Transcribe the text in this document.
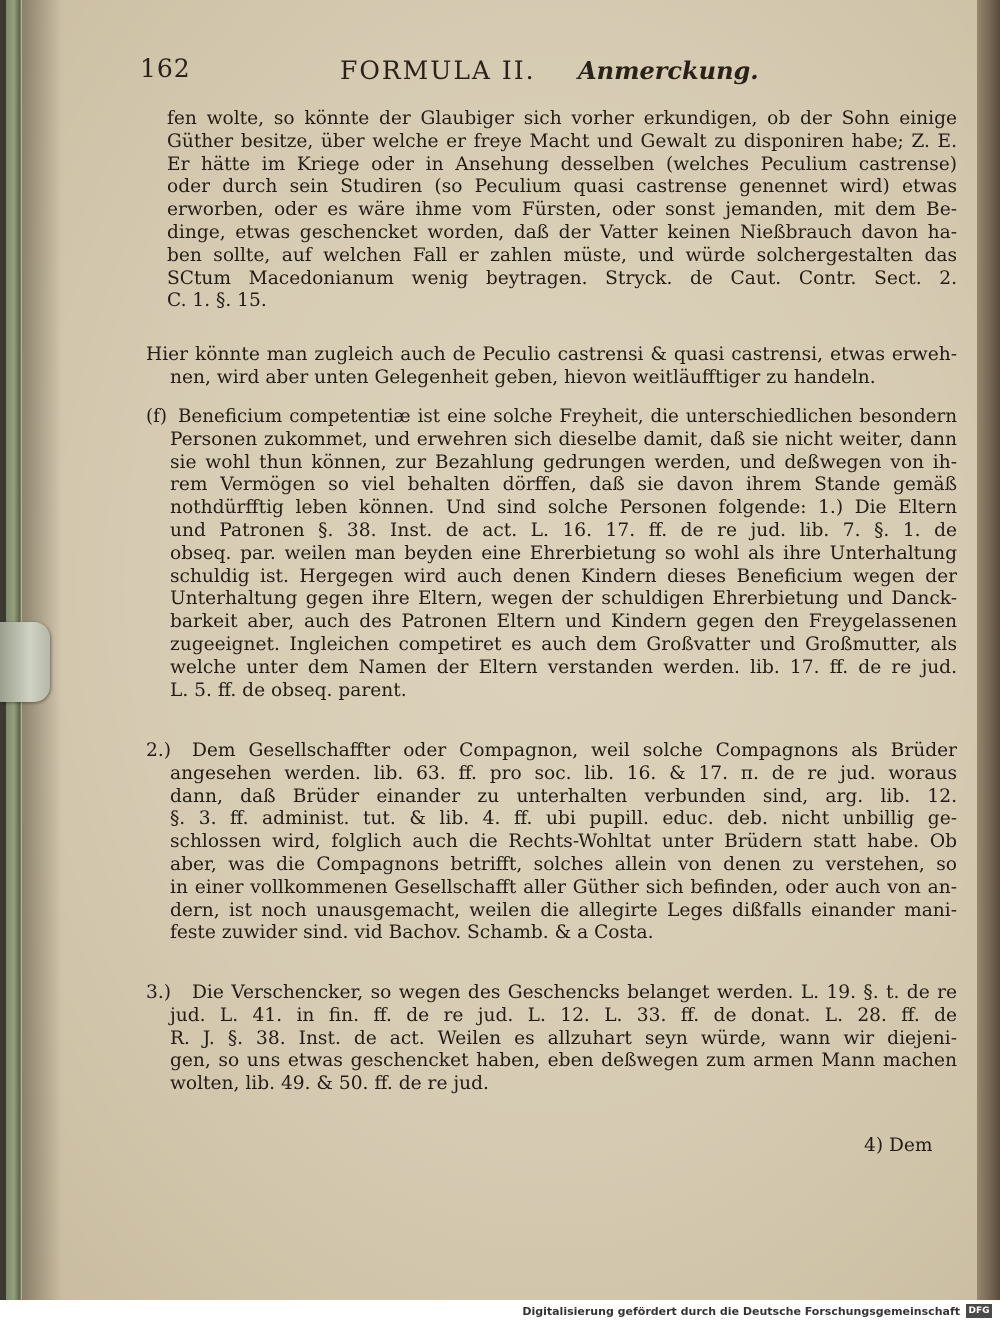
162	FORMULA II. Anmerckung.
fen wolte, so könnte der Glaubiger sich vorher erkundigen, ob der Sohn einige
Güther besitze, über welche er freye Macht und Gewalt zu disponiren habe; Z. E.
Er hätte im Kriege oder in Ansehung desselben (welches Peculium castrense)
oder durch sein Studiren (so Peculium quasi castrense genennet wird) etwas
erworben, oder es wäre ihme vom Fürsten, oder sonst jemanden, mit dem Be-
dinge, etwas geschencket worden, daß der Vatter keinen Nießbrauch davon ha-
ben sollte, auf welchen Fall er zahlen müste, und würde solchergestalten das
SCtum Macedonianum wenig beytragen. Stryck. de Caut. Contr. Sect. 2.
C. 1. §. 15.
Hier könnte man zugleich auch de Peculio castrensi & quasi castrensi, etwas erweh-
nen, wird aber unten Gelegenheit geben, hievon weitläufftiger zu handeln.
(f) Beneficium competentiæ ist eine solche Freyheit, die unterschiedlichen besondern
Personen zukommet, und erwehren sich dieselbe damit, daß sie nicht weiter, dann
sie wohl thun können, zur Bezahlung gedrungen werden, und deßwegen von ih-
rem Vermögen so viel behalten dörffen, daß sie davon ihrem Stande gemäß
nothdürfftig leben können. Und sind solche Personen folgende: 1.) Die Eltern
und Patronen §. 38. Inst. de act. L. 16. 17. ff. de re jud. lib. 7. §. 1. de
obseq. par. weilen man beyden eine Ehrerbietung so wohl als ihre Unterhaltung
schuldig ist. Hergegen wird auch denen Kindern dieses Beneficium wegen der
Unterhaltung gegen ihre Eltern, wegen der schuldigen Ehrerbietung und Danck-
barkeit aber, auch des Patronen Eltern und Kindern gegen den Freygelassenen
zugeeignet. Ingleichen competiret es auch dem Großvatter und Großmutter, als
welche unter dem Namen der Eltern verstanden werden. lib. 17. ff. de re jud.
L. 5. ff. de obseq. parent.
2.) Dem Gesellschaffter oder Compagnon, weil solche Compagnons als Brüder
angesehen werden. lib. 63. ff. pro soc. lib. 16. & 17. π. de re jud. woraus
dann, daß Brüder einander zu unterhalten verbunden sind, arg. lib. 12.
§. 3. ff. administ. tut. & lib. 4. ff. ubi pupill. educ. deb. nicht unbillig ge-
schlossen wird, folglich auch die Rechts-Wohltat unter Brüdern statt habe. Ob
aber, was die Compagnons betrifft, solches allein von denen zu verstehen, so
in einer vollkommenen Gesellschafft aller Güther sich befinden, oder auch von an-
dern, ist noch unausgemacht, weilen die allegirte Leges dißfalls einander mani-
feste zuwider sind. vid Bachov. Schamb. & a Costa.
3.) Die Verschencker, so wegen des Geschencks belanget werden. L. 19. §. t. de re
jud. L. 41. in fin. ff. de re jud. L. 12. L. 33. ff. de donat. L. 28. ff. de
R. J. §. 38. Inst. de act. Weilen es allzuhart seyn würde, wann wir diejeni-
gen, so uns etwas geschencket haben, eben deßwegen zum armen Mann machen
wolten, lib. 49. & 50. ff. de re jud.
4) Dem
Digitalisierung gefördert durch die Deutsche Forschungsgemeinschaft DFG
